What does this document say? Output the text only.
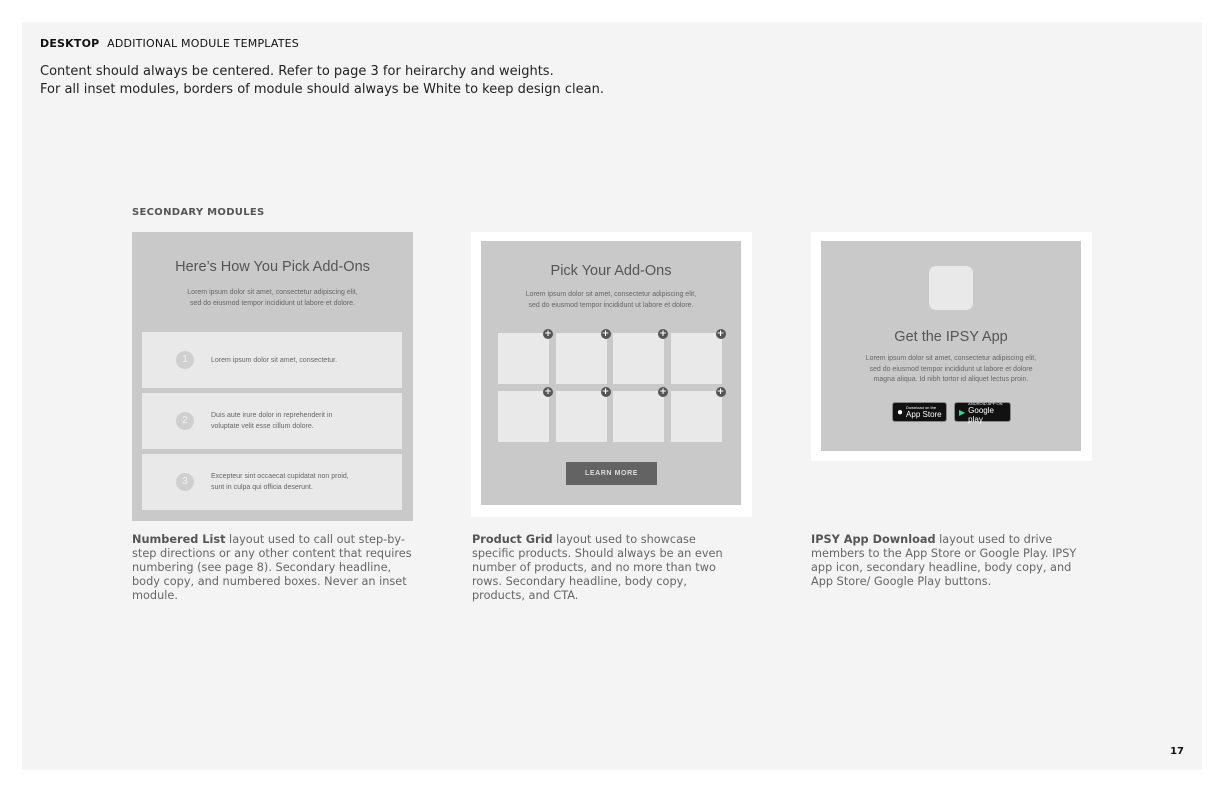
DESKTOP ADDITIONAL MODULE TEMPLATES
Content should always be centered. Refer to page 3 for heirarchy and weights.
For all inset modules, borders of module should always be White to keep design clean.
SECONDARY MODULES
Here’s How You Pick Add-Ons
Lorem ipsum dolor sit amet, consectetur adipiscing elit,
sed do eiusmod tempor incididunt ut labore et dolore.
1	Lorem ipsum dolor sit amet, consectetur.
2	Duis aute irure dolor in reprehenderit in
voluptate velit esse cillum dolore.
3	Excepteur sint occaecat cupidatat non proid,
sunt in culpa qui officia deserunt.
Pick Your Add-Ons
Lorem ipsum dolor sit amet, consectetur adipiscing elit,
sed do eiusmod tempor incididunt ut labore et dolore.
+	+	+	+
+	+	+	+
LEARN MORE
Get the IPSY App
Lorem ipsum dolor sit amet, consectetur adipiscing elit,
sed do eiusmod tempor incididunt ut labore et dolore
magna aliqua. Id nibh tortor id aliquet lectus proin.
● Download on the
App Store ▶
ANDROID APP ON
Google play
Numbered List layout used to call out step-by-step directions or any other content that requires numbering (see page 8). Secondary headline, body copy, and numbered boxes. Never an inset module.
Product Grid layout used to showcase specific products. Should always be an even number of products, and no more than two rows. Secondary headline, body copy, products, and CTA.
IPSY App Download layout used to drive members to the App Store or Google Play. IPSY app icon, secondary headline, body copy, and App Store/ Google Play buttons.
17
